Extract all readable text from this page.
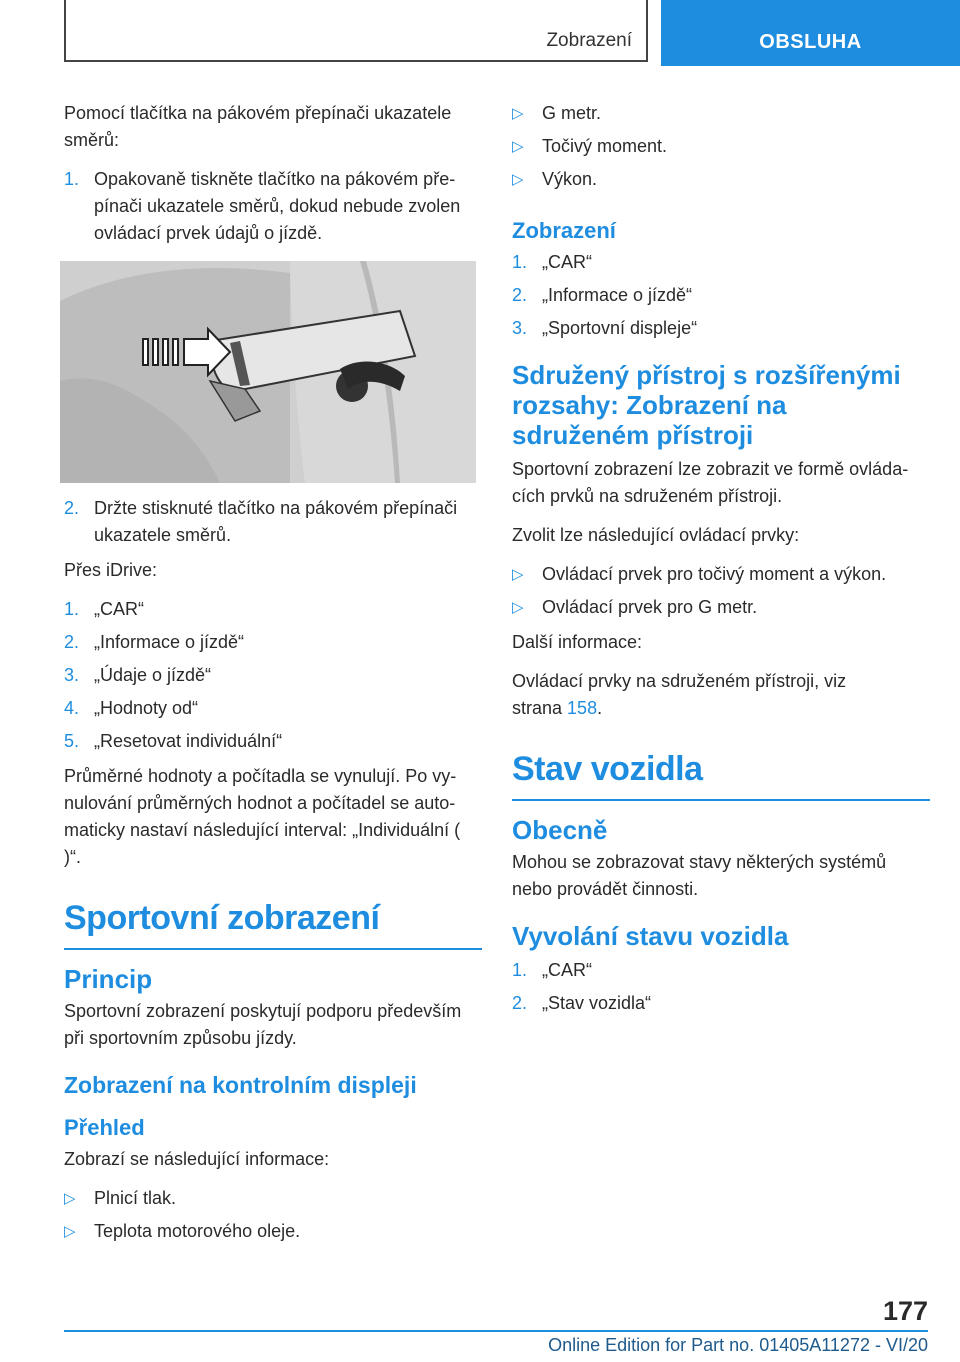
Zobrazení	OBSLUHA

Pomocí tlačítka na pákovém přepínači ukazatele směrů:

1. Opakovaně tiskněte tlačítko na pákovém přepínači ukazatele směrů, dokud nebude zvolen ovládací prvek údajů o jízdě.
2. Držte stisknuté tlačítko na pákovém přepínači ukazatele směrů.

Přes iDrive:

1. „CAR“
2. „Informace o jízdě“
3. „Údaje o jízdě“
4. „Hodnoty od“
5. „Resetovat individuální“

Průměrné hodnoty a počítadla se vynulují. Po vynulování průměrných hodnot a počítadel se automaticky nastaví následující interval: „Individuální ( )“.

Sportovní zobrazení
Princip

Sportovní zobrazení poskytují podporu především při sportovním způsobu jízdy.

Zobrazení na kontrolním displeji
Přehled

Zobrazí se následující informace:

▷ Plnicí tlak.
▷ Teplota motorového oleje.
▷ G metr.
▷ Točivý moment.
▷ Výkon.
Zobrazení
1. „CAR“
2. „Informace o jízdě“
3. „Sportovní displeje“
Sdružený přístroj s rozšířenými rozsahy: Zobrazení na sdruženém přístroji

Sportovní zobrazení lze zobrazit ve formě ovládacích prvků na sdruženém přístroji.

Zvolit lze následující ovládací prvky:

▷ Ovládací prvek pro točivý moment a výkon.
▷ Ovládací prvek pro G metr.

Další informace:

Ovládací prvky na sdruženém přístroji, viz strana 158.

Stav vozidla
Obecně

Mohou se zobrazovat stavy některých systémů nebo provádět činnosti.

Vyvolání stavu vozidla
1. „CAR“
2. „Stav vozidla“
177
Online Edition for Part no. 01405A11272 - VI/20
